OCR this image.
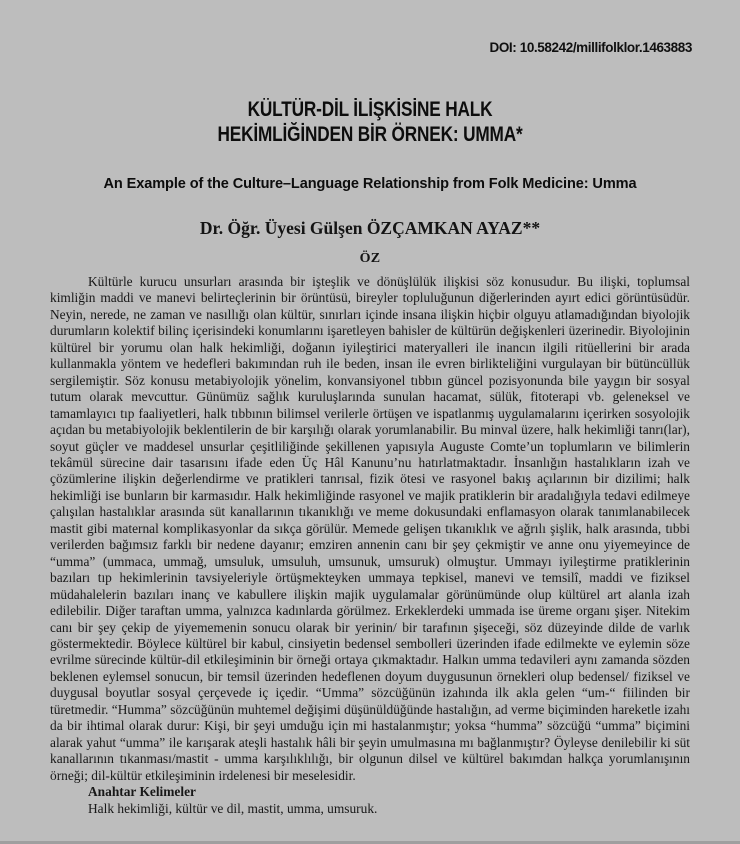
DOI: 10.58242/millifolklor.1463883
KÜLTÜR-DİL İLİŞKİSİNE HALK
HEKİMLİĞİNDEN BİR ÖRNEK: UMMA*
An Example of the Culture–Language Relationship from Folk Medicine: Umma
Dr. Öğr. Üyesi Gülşen ÖZÇAMKAN AYAZ**
ÖZ

Kültürle kurucu unsurları arasında bir işteşlik ve dönüşlülük ilişkisi söz konusudur. Bu ilişki, toplumsal kimliğin maddi ve manevi belirteçlerinin bir örüntüsü, bireyler topluluğunun diğerlerinden ayırt edici görüntüsüdür. Neyin, nerede, ne zaman ve nasıllığı olan kültür, sınırları içinde insana ilişkin hiçbir olguyu atlamadığından biyolojik durumların kolektif bilinç içerisindeki konumlarını işaretleyen bahisler de kültürün değişkenleri üzerinedir. Biyolojinin kültürel bir yorumu olan halk hekimliği, doğanın iyileştirici materyalleri ile inancın ilgili ritüellerini bir arada kullanmakla yöntem ve hedefleri bakımından ruh ile beden, insan ile evren birlikteliğini vurgulayan bir bütüncüllük sergilemiştir. Söz konusu metabiyolojik yönelim, konvansiyonel tıbbın güncel pozisyonunda bile yaygın bir sosyal tutum olarak mevcuttur. Günümüz sağlık kuruluşlarında sunulan hacamat, sülük, fitoterapi vb. geleneksel ve tamamlayıcı tıp faaliyetleri, halk tıbbının bilimsel verilerle örtüşen ve ispatlanmış uygulamalarını içerirken sosyolojik açıdan bu metabiyolojik beklentilerin de bir karşılığı olarak yorumlanabilir. Bu minval üzere, halk hekimliği tanrı(lar), soyut güçler ve maddesel unsurlar çeşitliliğinde şekillenen yapısıyla Auguste Comte’un toplumların ve bilimlerin tekâmül sürecine dair tasarısını ifade eden Üç Hâl Kanunu’nu hatırlatmaktadır. İnsanlığın hastalıkların izah ve çözümlerine ilişkin değerlendirme ve pratikleri tanrısal, fizik ötesi ve rasyonel bakış açılarının bir dizilimi; halk hekimliği ise bunların bir karmasıdır. Halk hekimliğinde rasyonel ve majik pratiklerin bir aradalığıyla tedavi edilmeye çalışılan hastalıklar arasında süt kanallarının tıkanıklığı ve meme dokusundaki enflamasyon olarak tanımlanabilecek mastit gibi maternal komplikasyonlar da sıkça görülür. Memede gelişen tıkanıklık ve ağrılı şişlik, halk arasında, tıbbi verilerden bağımsız farklı bir nedene dayanır; emziren annenin canı bir şey çekmiştir ve anne onu yiyemeyince de “umma” (ummaca, ummağ, umsuluk, umsuluh, umsunuk, umsuruk) olmuştur. Ummayı iyileştirme pratiklerinin bazıları tıp hekimlerinin tavsiyeleriyle örtüşmekteyken ummaya tepkisel, manevi ve temsilî, maddi ve fiziksel müdahalelerin bazıları inanç ve kabullere ilişkin majik uygulamalar görünümünde olup kültürel art alanla izah edilebilir. Diğer taraftan umma, yalnızca kadınlarda görülmez. Erkeklerdeki ummada ise üreme organı şişer. Nitekim canı bir şey çekip de yiyememenin sonucu olarak bir yerinin/ bir tarafının şişeceği, söz düzeyinde dilde de varlık göstermektedir. Böylece kültürel bir kabul, cinsiyetin bedensel sembolleri üzerinden ifade edilmekte ve eylemin söze evrilme sürecinde kültür-dil etkileşiminin bir örneği ortaya çıkmaktadır. Halkın umma tedavileri aynı zamanda sözden beklenen eylemsel sonucun, bir temsil üzerinden hedeflenen doyum duygusunun örnekleri olup bedensel/ fiziksel ve duygusal boyutlar sosyal çerçevede iç içedir. “Umma” sözcüğünün izahında ilk akla gelen “um-“ fiilinden bir türetmedir. “Humma” sözcüğünün muhtemel değişimi düşünüldüğünde hastalığın, ad verme biçiminden hareketle izahı da bir ihtimal olarak durur: Kişi, bir şeyi umduğu için mi hastalanmıştır; yoksa “humma” sözcüğü “umma” biçimini alarak yahut “umma” ile karışarak ateşli hastalık hâli bir şeyin umulmasına mı bağlanmıştır? Öyleyse denilebilir ki süt kanallarının tıkanması/mastit - umma karşılıklılığı, bir olgunun dilsel ve kültürel bakımdan halkça yorumlanışının örneği; dil-kültür etkileşiminin irdelenesi bir meselesidir.

Anahtar Kelimeler

Halk hekimliği, kültür ve dil, mastit, umma, umsuruk.
